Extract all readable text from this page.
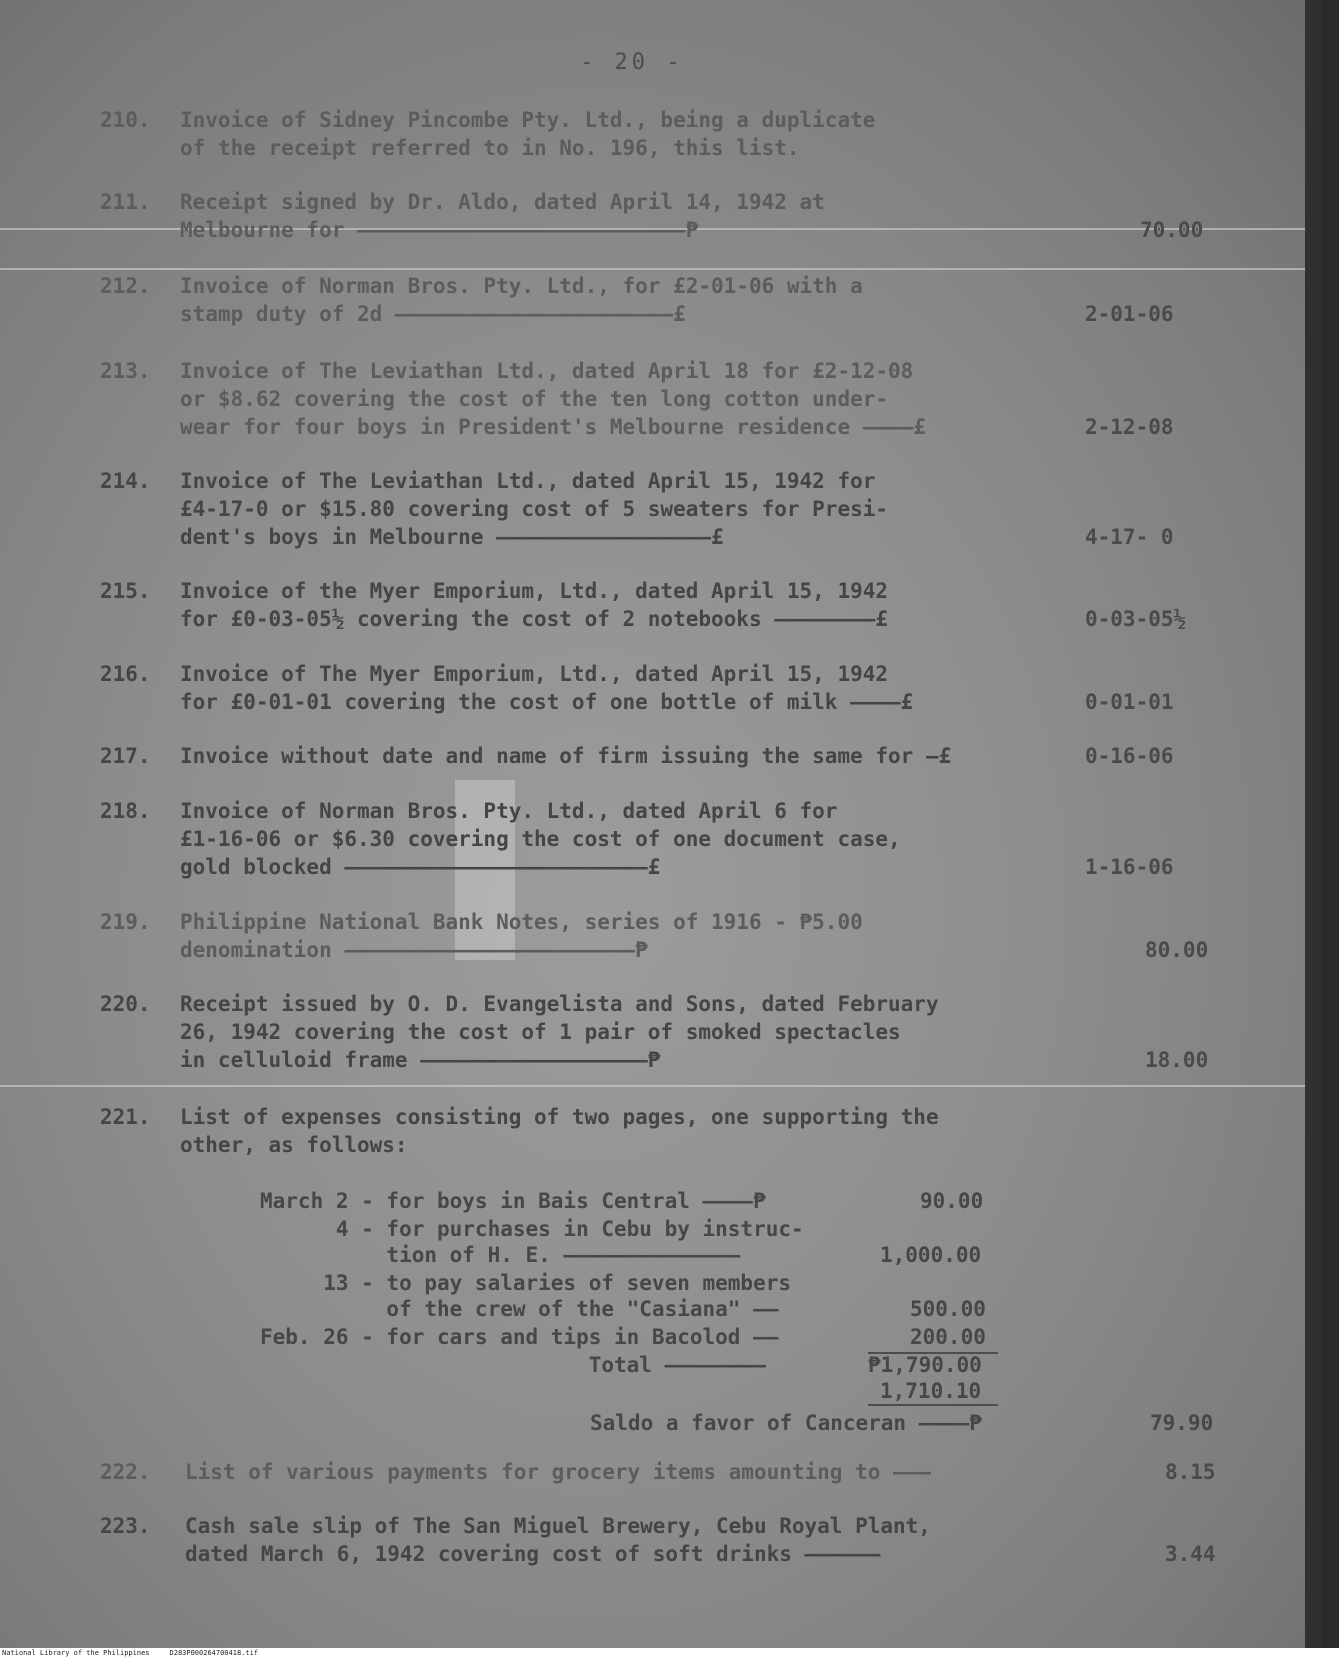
- 20 -
210.	Invoice of Sidney Pincombe Pty. Ltd., being a duplicate
of the receipt referred to in No. 196, this list.
211.	Receipt signed by Dr. Aldo, dated April 14, 1942 at
Melbourne for ——————————————————————————₱	70.00
212.	Invoice of Norman Bros. Pty. Ltd., for £2-01-06 with a
stamp duty of 2d ——————————————————————£	2-01-06
213.	Invoice of The Leviathan Ltd., dated April 18 for £2-12-08
or $8.62 covering the cost of the ten long cotton under-
wear for four boys in President's Melbourne residence ————£	2-12-08
214.	Invoice of The Leviathan Ltd., dated April 15, 1942 for
£4-17-0 or $15.80 covering cost of 5 sweaters for Presi-
dent's boys in Melbourne —————————————————£	4-17- 0
215.	Invoice of the Myer Emporium, Ltd., dated April 15, 1942
for £0-03-05½ covering the cost of 2 notebooks ————————£	0-03-05½
216.	Invoice of The Myer Emporium, Ltd., dated April 15, 1942
for £0-01-01 covering the cost of one bottle of milk ————£	0-01-01
217.	Invoice without date and name of firm issuing the same for —£	0-16-06
218.	Invoice of Norman Bros. Pty. Ltd., dated April 6 for
£1-16-06 or $6.30 covering the cost of one document case,
gold blocked ————————————————————————£	1-16-06
219.	Philippine National Bank Notes, series of 1916 - ₱5.00
denomination ———————————————————————₱	80.00
220.	Receipt issued by O. D. Evangelista and Sons, dated February
26, 1942 covering the cost of 1 pair of smoked spectacles
in celluloid frame ——————————————————₱	18.00
221.	List of expenses consisting of two pages, one supporting the
other, as follows:
March 2 - for boys in Bais Central ————₱	90.00
4 - for purchases in Cebu by instruc-
tion of H. E. ——————————————	1,000.00
13 - to pay salaries of seven members
of the crew of the "Casiana" ——	500.00
Feb. 26 - for cars and tips in Bacolod ——	200.00
Total ————————	₱1,790.00
1,710.10
Saldo a favor of Canceran ————₱	79.90
222.	List of various payments for grocery items amounting to ———	8.15
223.	Cash sale slip of The San Miguel Brewery, Cebu Royal Plant,
dated March 6, 1942 covering cost of soft drinks ——————	3.44
National Library of the Philippines	D283P000264700418.tif
